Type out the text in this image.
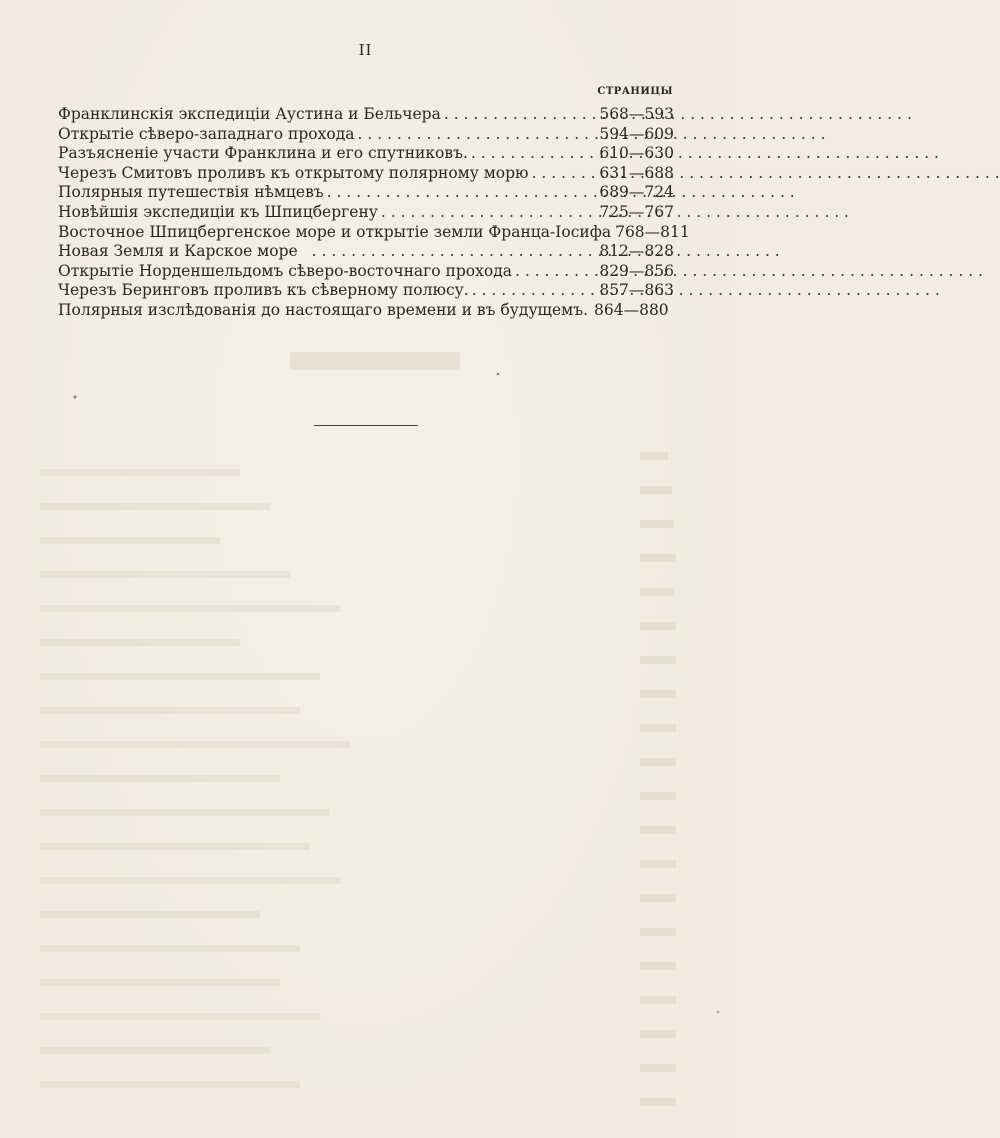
II
СТРАНИЦЫ
Франклинскія экспедиціи Аустина и Бельчера . . .	568—593
Открытіе сѣверо-западнаго прохода . . .	594—609
Разъясненіе участи Франклина и его спутниковъ. . . .	610—630
Черезъ Смитовъ проливъ къ открытому полярному морю . . .	631—688
Полярныя путешествія нѣмцевъ . . .	689—724
Новѣйшія экспедиціи къ Шпицбергену . . .	725—767
Восточное Шпицбергенское море и открытіе земли Франца-Іосифа 768—811
Новая Земля и Карское море . . .	812—828
Открытіе Норденшельдомъ сѣверо-восточнаго прохода . . .	829—856
Черезъ Беринговъ проливъ къ сѣверному полюсу. . . .	857—863
Полярныя изслѣдованія до настоящаго времени и въ будущемъ. 864—880
